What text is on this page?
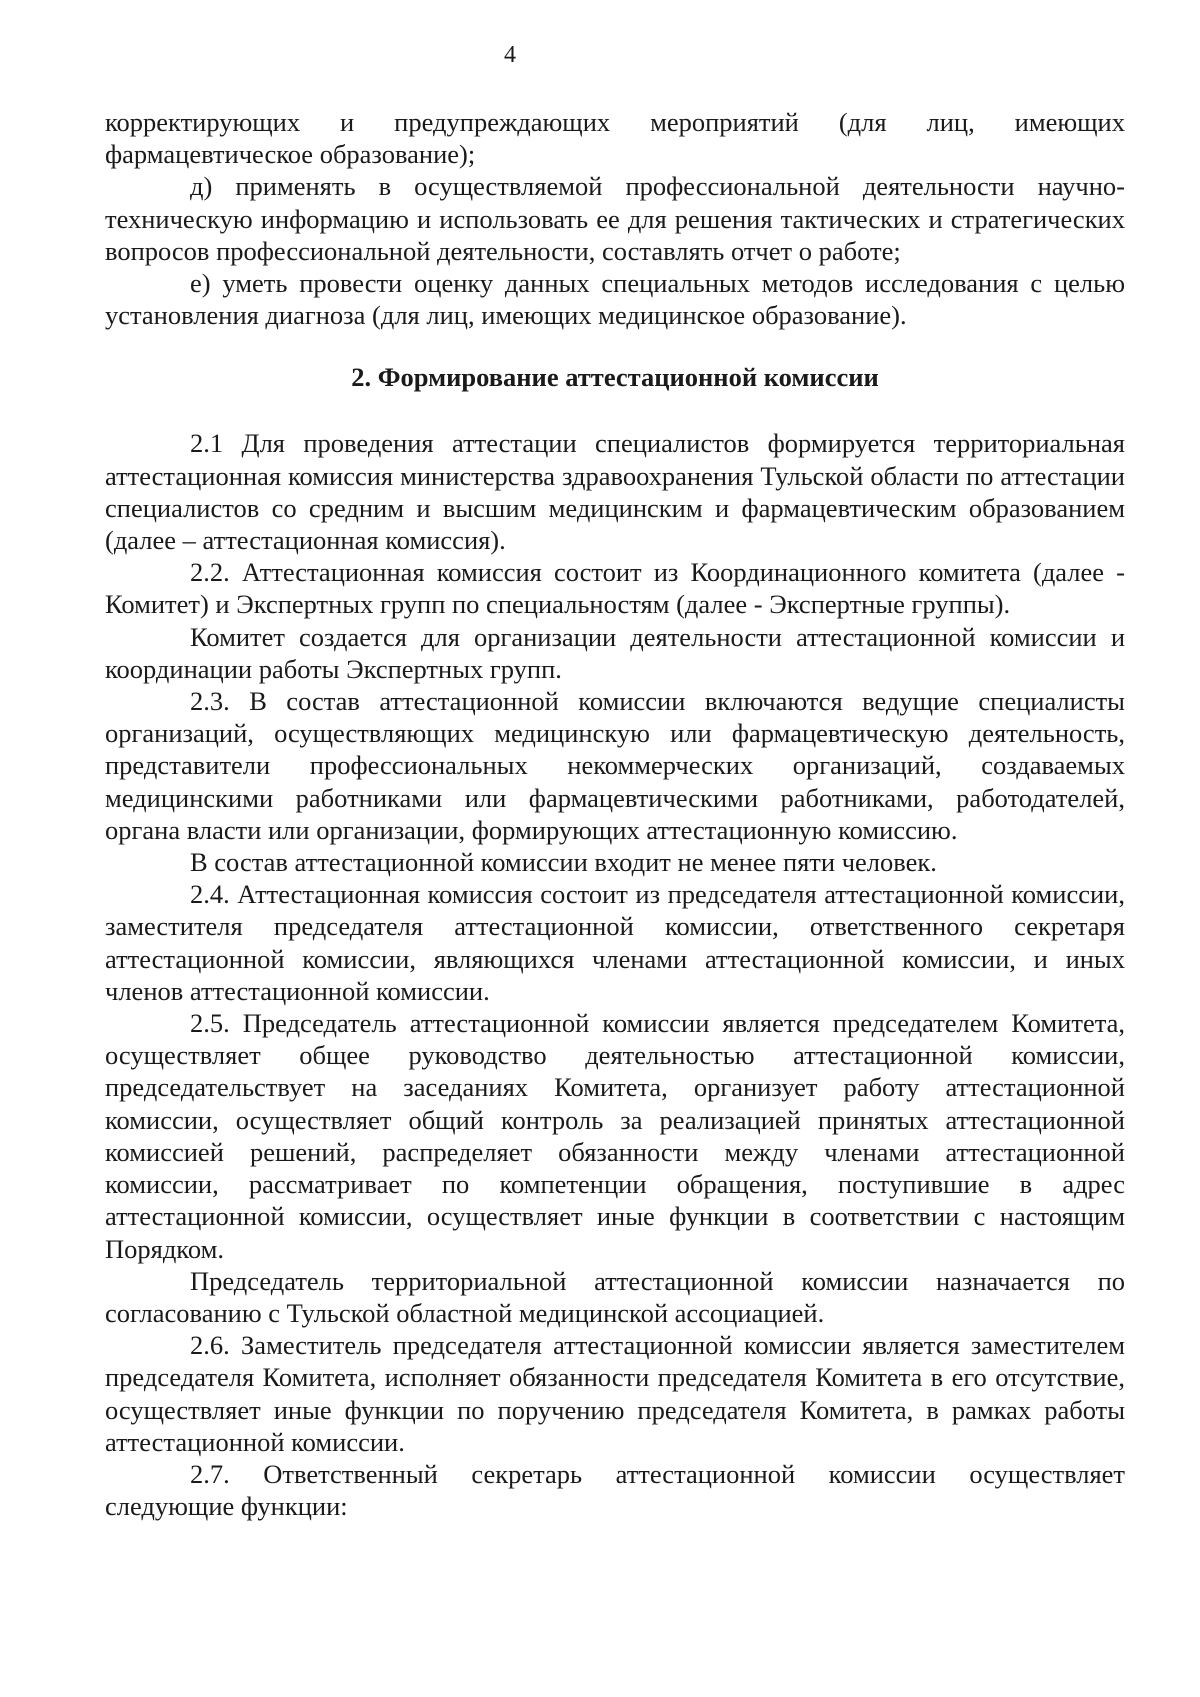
4

корректирующих и предупреждающих мероприятий (для лиц, имеющих фармацевтическое образование);

д) применять в осуществляемой профессиональной деятельности научно-техническую информацию и использовать ее для решения тактических и стратегических вопросов профессиональной деятельности, составлять отчет о работе;

е) уметь провести оценку данных специальных методов исследования с целью установления диагноза (для лиц, имеющих медицинское образование).

2. Формирование аттестационной комиссии

2.1 Для проведения аттестации специалистов формируется территориальная аттестационная комиссия министерства здравоохранения Тульской области по аттестации специалистов со средним и высшим медицинским и фармацевтическим образованием (далее – аттестационная комиссия).

2.2. Аттестационная комиссия состоит из Координационного комитета (далее - Комитет) и Экспертных групп по специальностям (далее - Экспертные группы).

Комитет создается для организации деятельности аттестационной комиссии и координации работы Экспертных групп.

2.3. В состав аттестационной комиссии включаются ведущие специалисты организаций, осуществляющих медицинскую или фармацевтическую деятельность, представители профессиональных некоммерческих организаций, создаваемых медицинскими работниками или фармацевтическими работниками, работодателей, органа власти или организации, формирующих аттестационную комиссию.

В состав аттестационной комиссии входит не менее пяти человек.

2.4. Аттестационная комиссия состоит из председателя аттестационной комиссии, заместителя председателя аттестационной комиссии, ответственного секретаря аттестационной комиссии, являющихся членами аттестационной комиссии, и иных членов аттестационной комиссии.

2.5. Председатель аттестационной комиссии является председателем Комитета, осуществляет общее руководство деятельностью аттестационной комиссии, председательствует на заседаниях Комитета, организует работу аттестационной комиссии, осуществляет общий контроль за реализацией принятых аттестационной комиссией решений, распределяет обязанности между членами аттестационной комиссии, рассматривает по компетенции обращения, поступившие в адрес аттестационной комиссии, осуществляет иные функции в соответствии с настоящим Порядком.

Председатель территориальной аттестационной комиссии назначается по согласованию с Тульской областной медицинской ассоциацией.

2.6. Заместитель председателя аттестационной комиссии является заместителем председателя Комитета, исполняет обязанности председателя Комитета в его отсутствие, осуществляет иные функции по поручению председателя Комитета, в рамках работы аттестационной комиссии.

2.7. Ответственный секретарь аттестационной комиссии осуществляет следующие функции:
